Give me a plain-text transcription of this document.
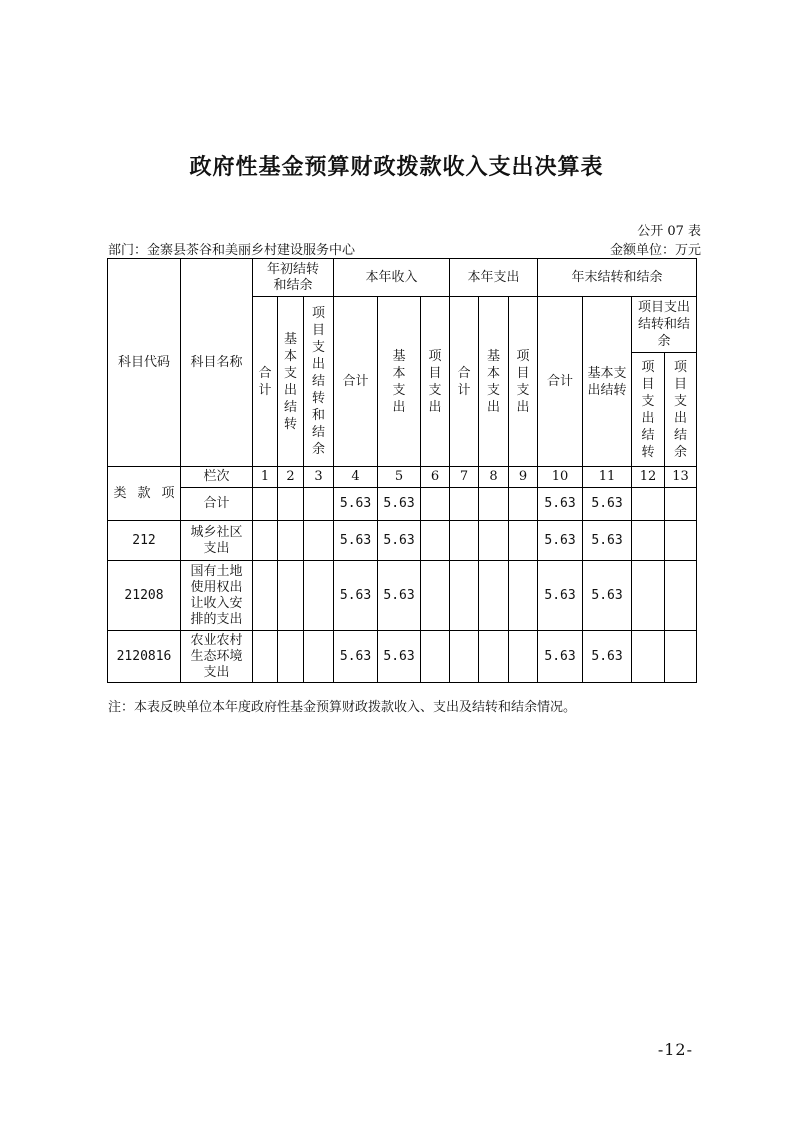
政府性基金预算财政拨款收入支出决算表
公开 07 表
部门：金寨县茶谷和美丽乡村建设服务中心	金额单位：万元
科目代码	科目名称	年初结转和结余			本年收入			本年支出			年末结转和结余			
		合计	基本支出结转	项目支出结转和结余	合计	基本支出	项目支出	合计	基本支出	项目支出	合计	基本支出结转	项目支出结转和结余	
													项目支出结转	项目支出结余

类 款 项	栏次	1	2	3	4	5	6	7	8	9	10	11	12	13
	合计				5.63	5.63					5.63	5.63		
212	城乡社区支出				5.63	5.63					5.63	5.63		
21208	国有土地使用权出让收入安排的支出				5.63	5.63					5.63	5.63		
2120816	农业农村生态环境支出				5.63	5.63					5.63	5.63		
注：本表反映单位本年度政府性基金预算财政拨款收入、支出及结转和结余情况。
-12-
